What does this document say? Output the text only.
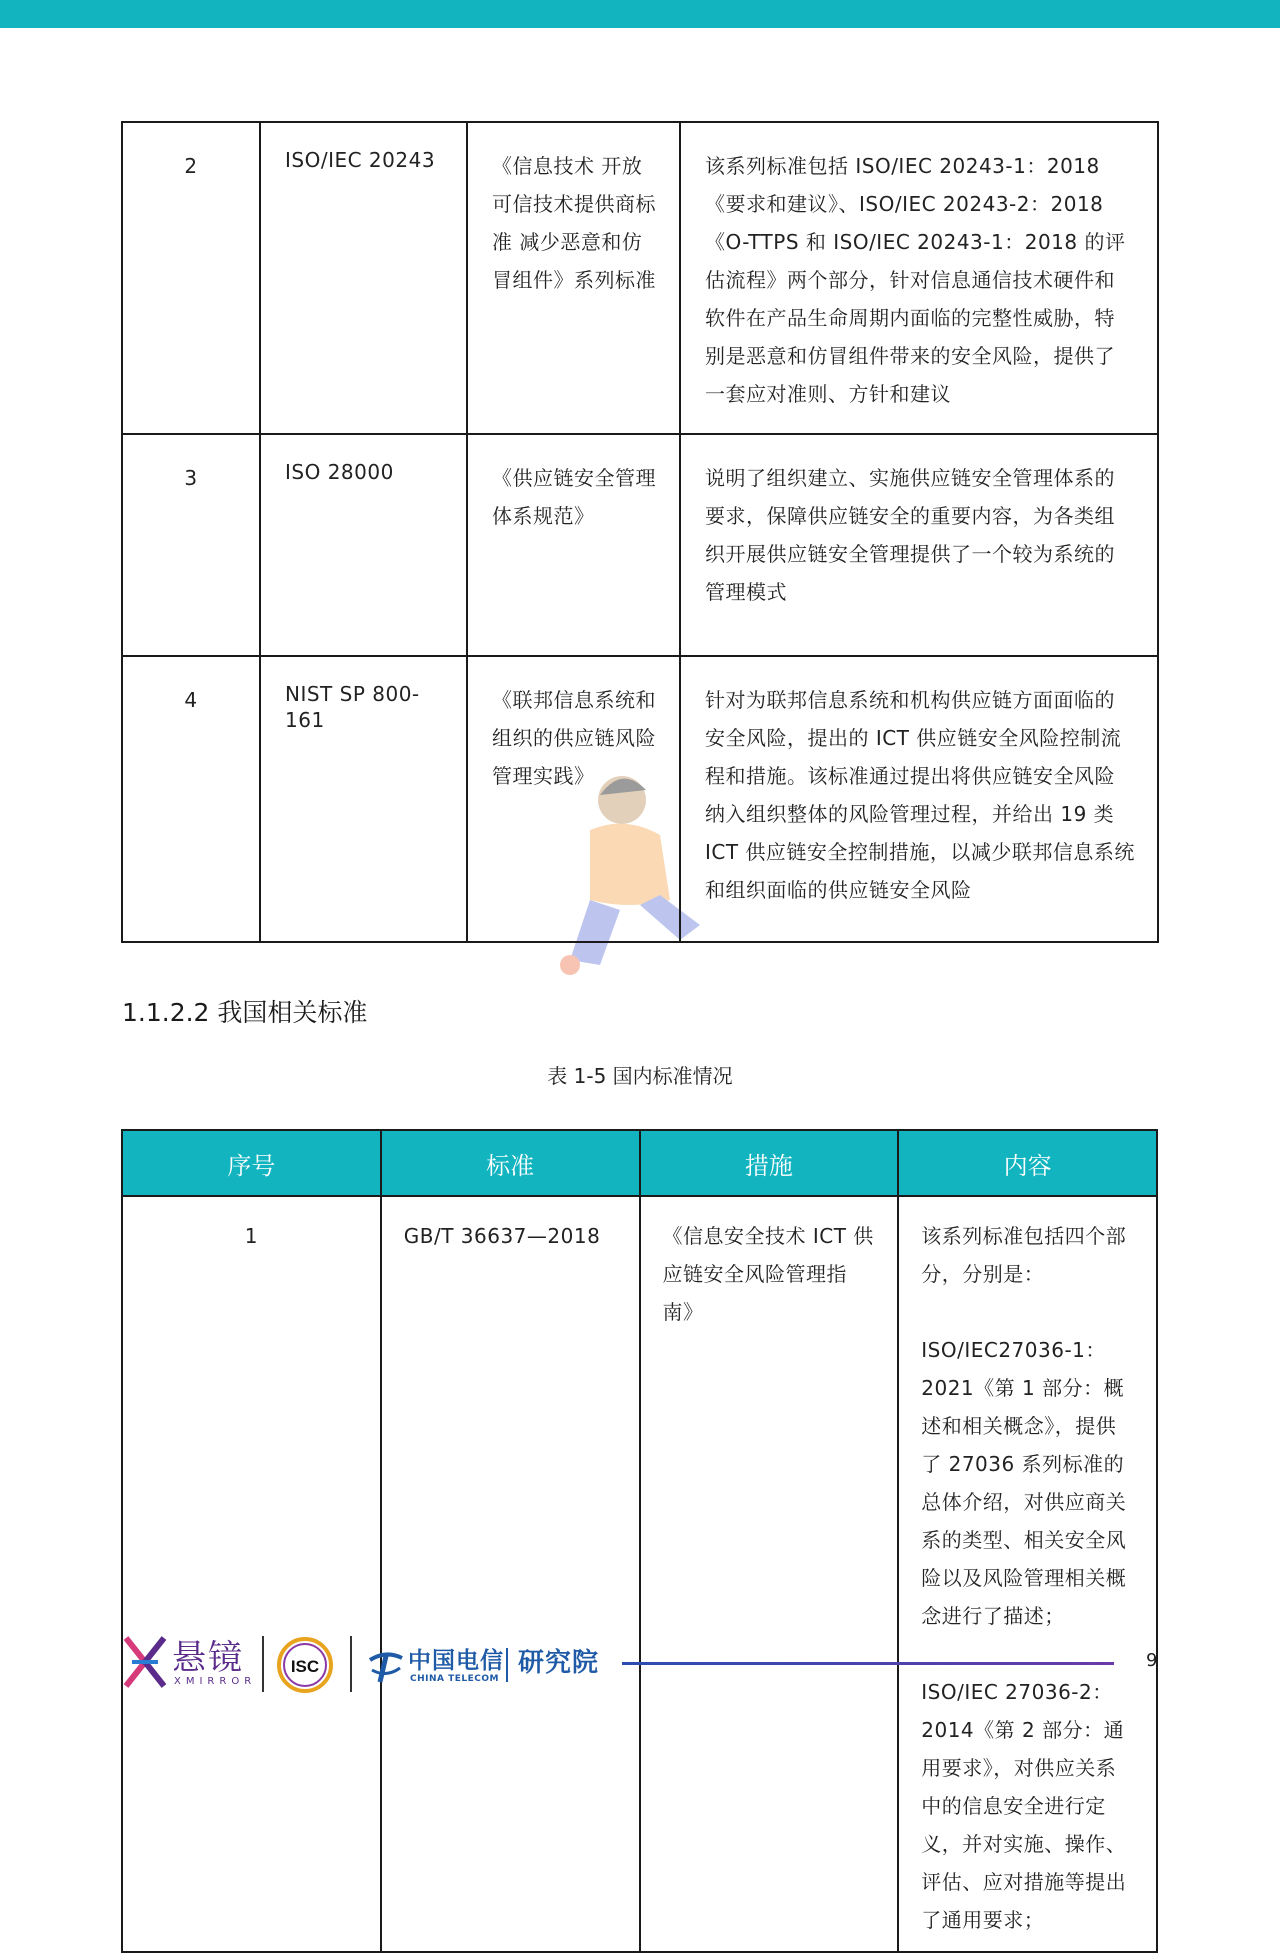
2	ISO/IEC 20243	《信息技术 开放可信技术提供商标准 减少恶意和仿冒组件》系列标准	该系列标准包括 ISO/IEC 20243-1：2018《要求和建议》、ISO/IEC 20243-2：2018《O-TTPS 和 ISO/IEC 20243-1：2018 的评估流程》两个部分，针对信息通信技术硬件和软件在产品生命周期内面临的完整性威胁，特别是恶意和仿冒组件带来的安全风险，提供了一套应对准则、方针和建议

3	ISO 28000	《供应链安全管理体系规范》	说明了组织建立、实施供应链安全管理体系的要求，保障供应链安全的重要内容，为各类组织开展供应链安全管理提供了一个较为系统的管理模式

4	NIST SP 800-161	《联邦信息系统和组织的供应链风险管理实践》	针对为联邦信息系统和机构供应链方面面临的安全风险，提出的 ICT 供应链安全风险控制流程和措施。该标准通过提出将供应链安全风险纳入组织整体的风险管理过程，并给出 19 类 ICT 供应链安全控制措施，以减少联邦信息系统和组织面临的供应链安全风险
1.1.2.2 我国相关标准
表 1-5 国内标准情况
序号	标准	措施	内容

1	GB/T 36637—2018	《信息安全技术 ICT 供应链安全风险管理指南》	该系列标准包括四个部分，分别是：

ISO/IEC27036-1：2021《第 1 部分：概述和相关概念》，提供了 27036 系列标准的总体介绍，对供应商关系的类型、相关安全风险以及风险管理相关概念进行了描述；

ISO/IEC 27036-2：2014《第 2 部分：通用要求》，对供应关系中的信息安全进行定义，并对实施、操作、评估、应对措施等提出了通用要求；

悬镜
XMIRROR
ISC	中国电信
CHINA TELECOM
研究院	9
